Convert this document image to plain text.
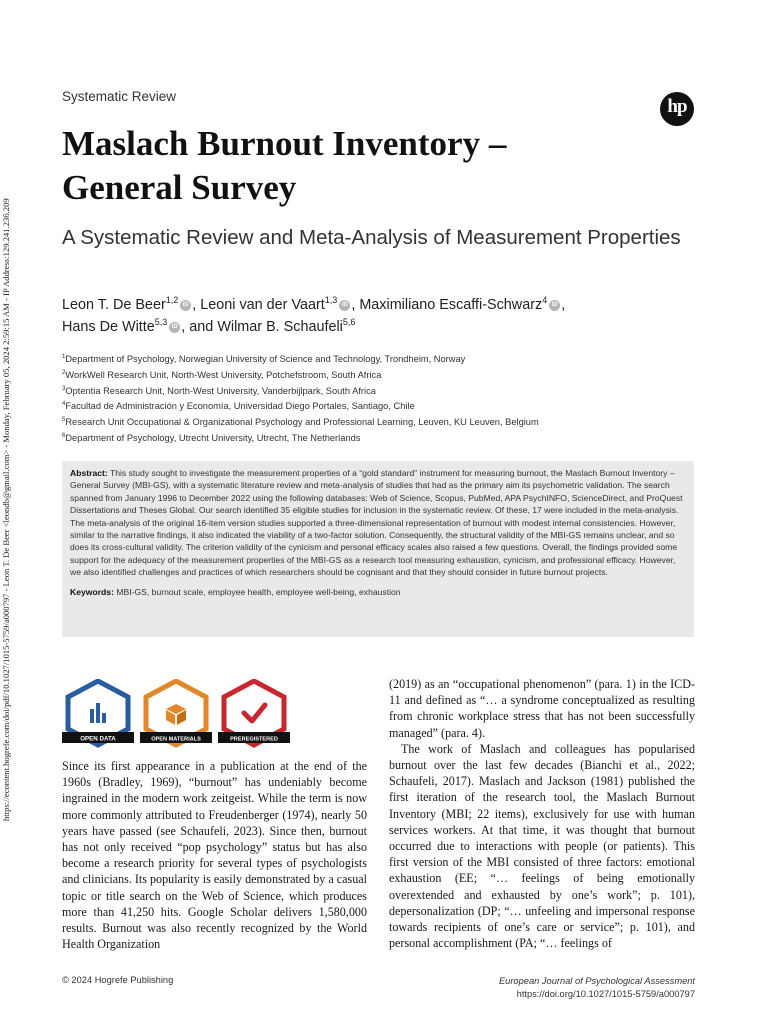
https://econtent.hogrefe.com/doi/pdf/10.1027/1015-5759/a000797 - Leon T. De Beer <leondb@gmail.com> - Monday, February 05, 2024 2:59:15 AM - IP Address:129.241.236.209
Systematic Review	hp
Maslach Burnout Inventory –
General Survey
A Systematic Review and Meta-Analysis of Measurement Properties
Leon T. De Beer$^{1,2}$ iD , Leoni van der Vaart$^{1,3}$ iD , Maximiliano Escaffi-Schwarz$^4$ iD ,
Hans De Witte$^{5,3}$ iD , and Wilmar B. Schaufeli$^{5,6}$
$^1$Department of Psychology, Norwegian University of Science and Technology, Trondheim, Norway
$^2$WorkWell Research Unit, North-West University, Potchefstroom, South Africa
$^3$Optentia Research Unit, North-West University, Vanderbijlpark, South Africa
$^4$Facultad de Administración y Economía, Universidad Diego Portales, Santiago, Chile
$^5$Research Unit Occupational & Organizational Psychology and Professional Learning, Leuven, KU Leuven, Belgium
$^6$Department of Psychology, Utrecht University, Utrecht, The Netherlands
Abstract: This study sought to investigate the measurement properties of a “gold standard” instrument for measuring burnout, the Maslach Burnout Inventory – General Survey (MBI-GS), with a systematic literature review and meta-analysis of studies that had as the primary aim its psychometric validation. The search spanned from January 1996 to December 2022 using the following databases: Web of Science, Scopus, PubMed, APA PsychINFO, ScienceDirect, and ProQuest Dissertations and Theses Global. Our search identified 35 eligible studies for inclusion in the systematic review. Of these, 17 were included in the meta-analysis. The meta-analysis of the original 16-item version studies supported a three-dimensional representation of burnout with modest internal consistencies. However, similar to the narrative findings, it also indicated the viability of a two-factor solution. Consequently, the structural validity of the MBI-GS remains unclear, and so does its cross-cultural validity. The criterion validity of the cynicism and personal efficacy scales also raised a few questions. Overall, the findings provided some support for the adequacy of the measurement properties of the MBI-GS as a research tool measuring exhaustion, cynicism, and professional efficacy. However, we also identified challenges and practices of which researchers should be cognisant and that they should consider in future burnout projects.
Keywords: MBI-GS, burnout scale, employee health, employee well-being, exhaustion
OPEN DATA	OPEN MATERIALS	PREREGISTERED

Since its first appearance in a publication at the end of the 1960s (Bradley, 1969), “burnout” has undeniably become ingrained in the modern work zeitgeist. While the term is now more commonly attributed to Freudenberger (1974), nearly 50 years have passed (see Schaufeli, 2023). Since then, burnout has not only received “pop psychology” status but has also become a research priority for several types of psychologists and clinicians. Its popularity is easily demonstrated by a casual topic or title search on the Web of Science, which produces more than 41,250 hits. Google Scholar delivers 1,580,000 results. Burnout was also recently recognized by the World Health Organization

(2019) as an “occupational phenomenon” (para. 1) in the ICD-11 and defined as “… a syndrome conceptualized as resulting from chronic workplace stress that has not been successfully managed” (para. 4).

The work of Maslach and colleagues has popularised burnout over the last few decades (Bianchi et al., 2022; Schaufeli, 2017). Maslach and Jackson (1981) published the first iteration of the research tool, the Maslach Burnout Inventory (MBI; 22 items), exclusively for use with human services workers. At that time, it was thought that burnout occurred due to interactions with people (or patients). This first version of the MBI consisted of three factors: emotional exhaustion (EE; “… feelings of being emotionally overextended and exhausted by one’s work”; p. 101), depersonalization (DP; “… unfeeling and impersonal response towards recipients of one’s care or service”; p. 101), and personal accomplishment (PA; “… feelings of

© 2024 Hogrefe Publishing	European Journal of Psychological Assessment
https://doi.org/10.1027/1015-5759/a000797
